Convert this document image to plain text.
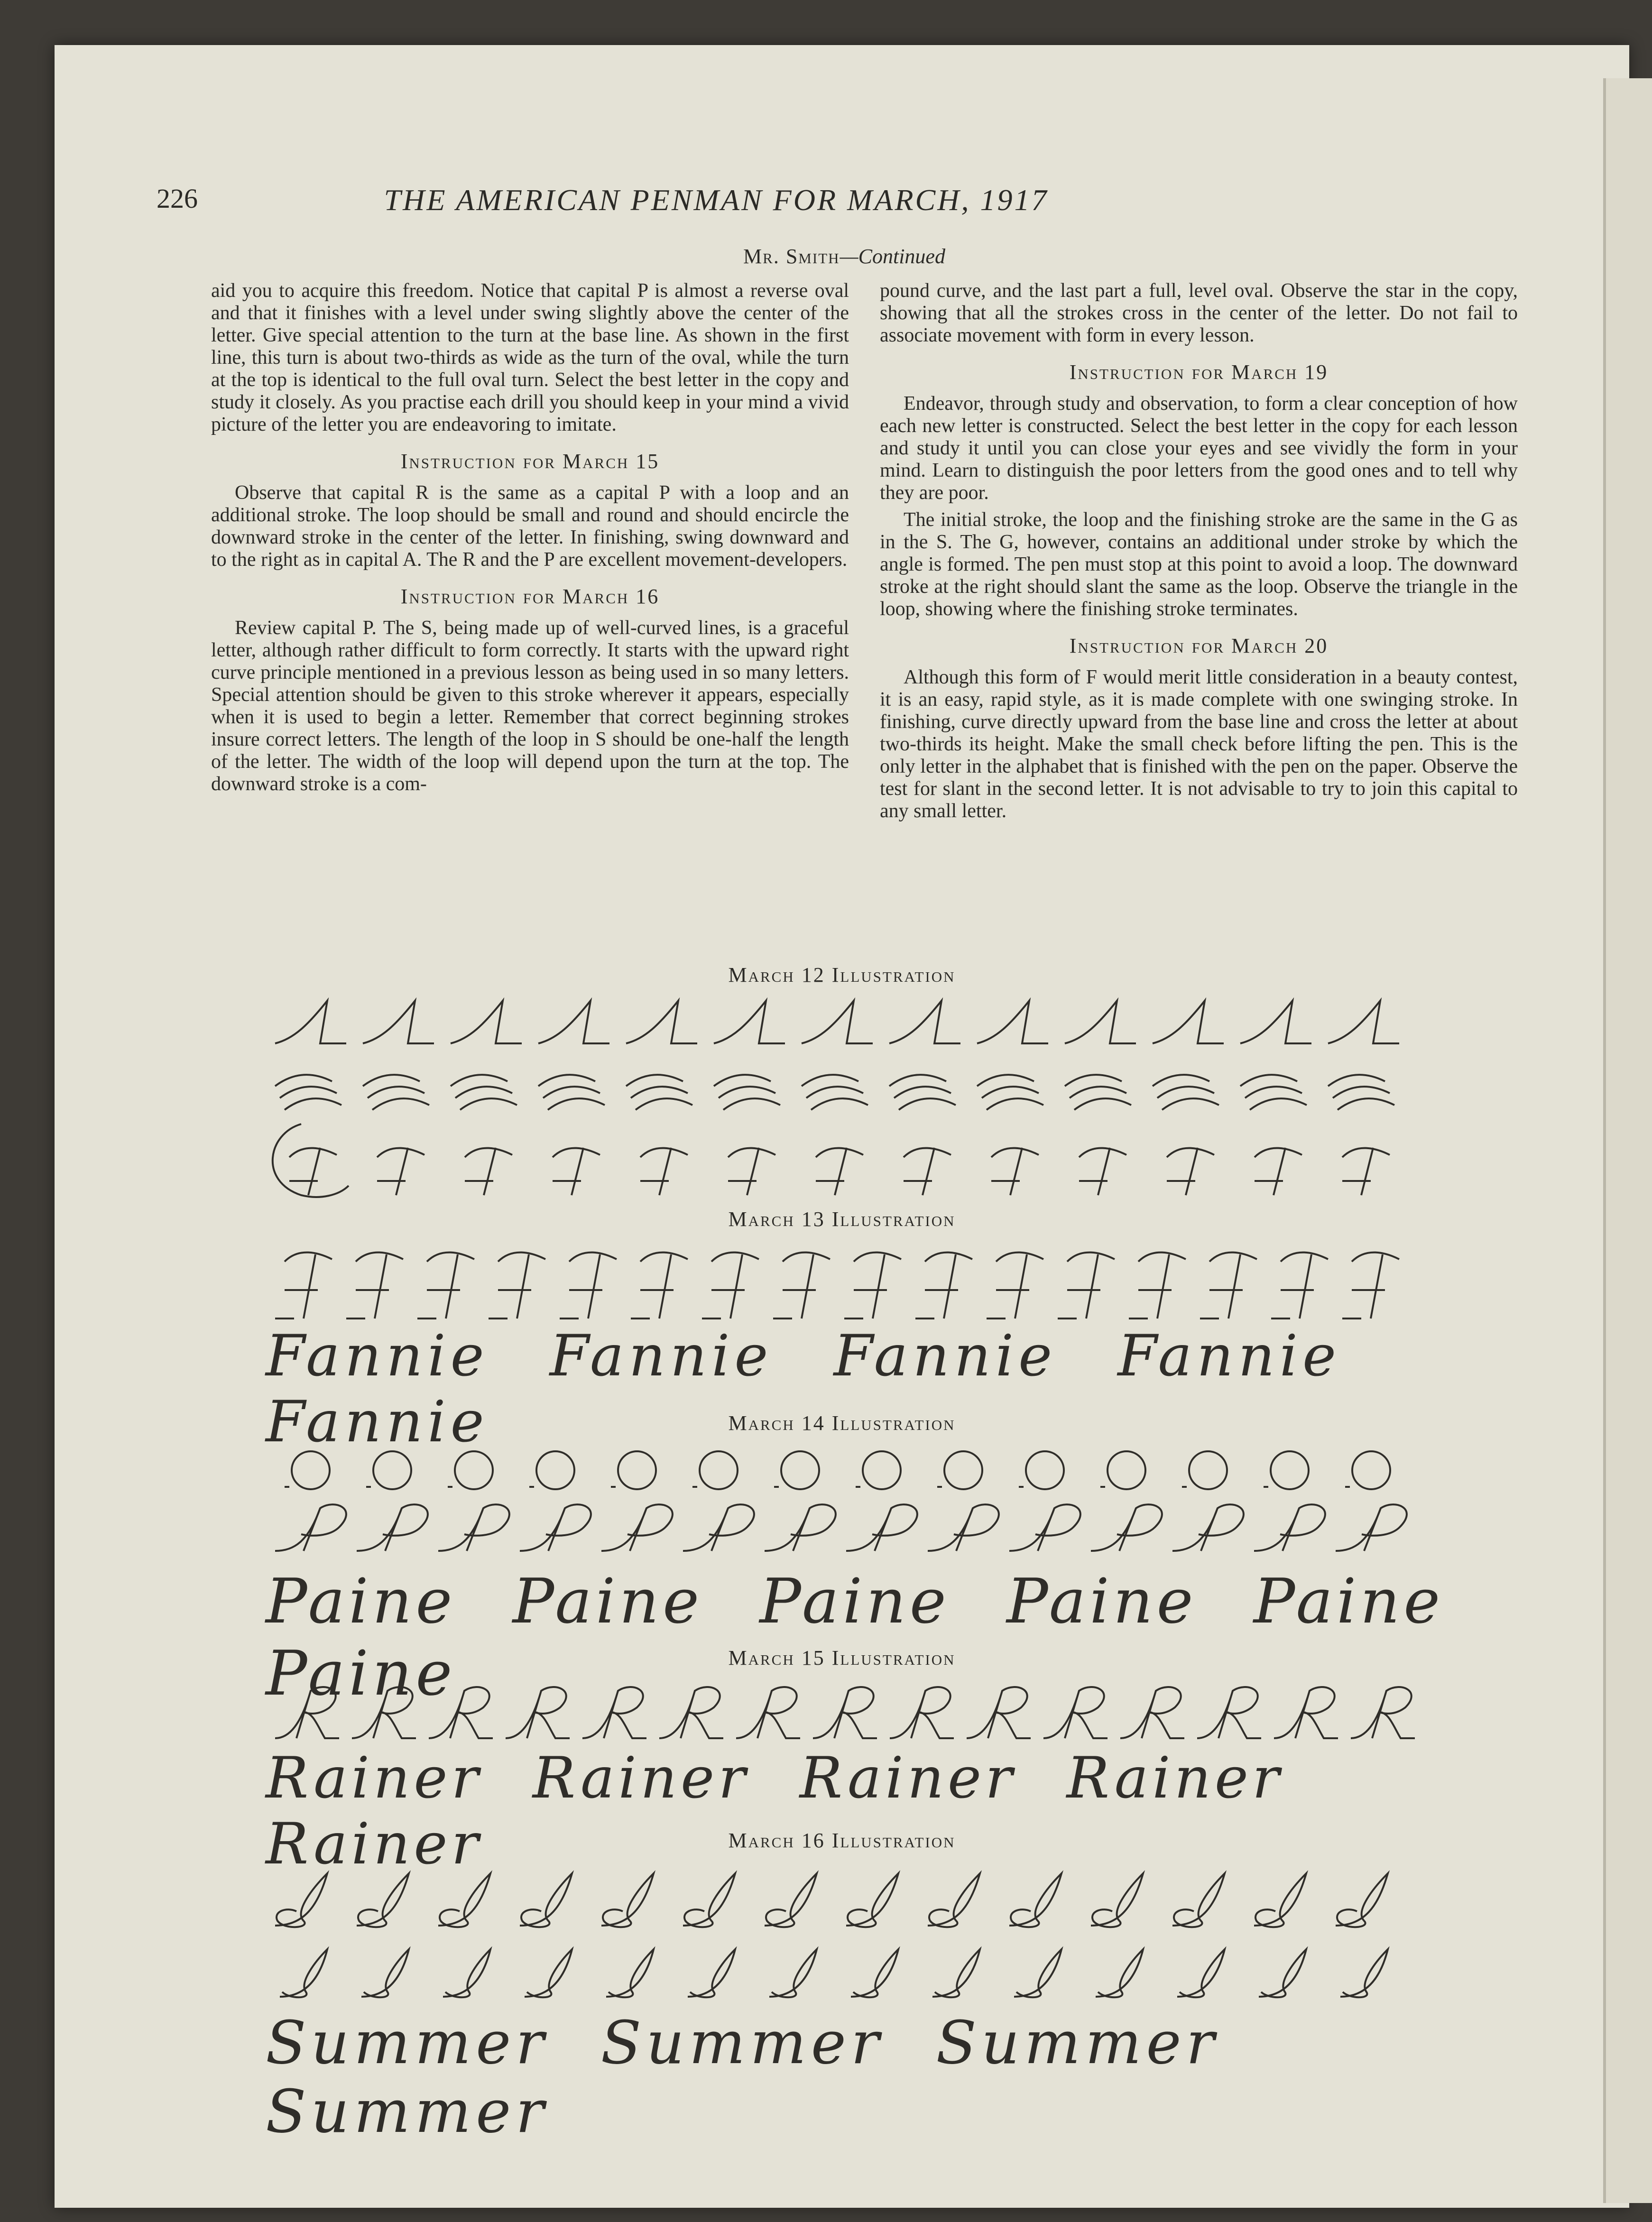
226	THE AMERICAN PENMAN FOR MARCH, 1917
Mr. Smith—Continued

aid you to acquire this freedom. Notice that capital P is almost a reverse oval and that it finishes with a level under swing slightly above the center of the letter. Give special attention to the turn at the base line. As shown in the first line, this turn is about two-thirds as wide as the turn of the oval, while the turn at the top is identical to the full oval turn. Select the best letter in the copy and study it closely. As you practise each drill you should keep in your mind a vivid picture of the letter you are endeavoring to imitate.

Instruction for March 15

Observe that capital R is the same as a capital P with a loop and an additional stroke. The loop should be small and round and should encircle the downward stroke in the center of the letter. In finishing, swing downward and to the right as in capital A. The R and the P are excellent movement-developers.

Instruction for March 16

Review capital P. The S, being made up of well-curved lines, is a graceful letter, although rather difficult to form correctly. It starts with the upward right curve principle mentioned in a previous lesson as being used in so many letters. Special attention should be given to this stroke wherever it appears, especially when it is used to begin a letter. Remember that correct beginning strokes insure correct letters. The length of the loop in S should be one-half the length of the letter. The width of the loop will depend upon the turn at the top. The downward stroke is a com-

pound curve, and the last part a full, level oval. Observe the star in the copy, showing that all the strokes cross in the center of the letter. Do not fail to associate movement with form in every lesson.

Instruction for March 19

Endeavor, through study and observation, to form a clear conception of how each new letter is constructed. Select the best letter in the copy for each lesson and study it until you can close your eyes and see vividly the form in your mind. Learn to distinguish the poor letters from the good ones and to tell why they are poor.

The initial stroke, the loop and the finishing stroke are the same in the G as in the S. The G, however, contains an additional under stroke by which the angle is formed. The pen must stop at this point to avoid a loop. The downward stroke at the right should slant the same as the loop. Observe the triangle in the loop, showing where the finishing stroke terminates.

Instruction for March 20

Although this form of F would merit little consideration in a beauty contest, it is an easy, rapid style, as it is made complete with one swinging stroke. In finishing, curve directly upward from the base line and cross the letter at about two-thirds its height. Make the small check before lifting the pen. This is the only letter in the alphabet that is finished with the pen on the paper. Observe the test for slant in the second letter. It is not advisable to try to join this capital to any small letter.

March 12 Illustration
March 13 Illustration
Fannie Fannie Fannie Fannie Fannie	March 14 Illustration
Paine Paine Paine Paine Paine Paine	March 15 Illustration
Rainer Rainer Rainer Rainer Rainer	March 16 Illustration
Summer Summer Summer Summer
